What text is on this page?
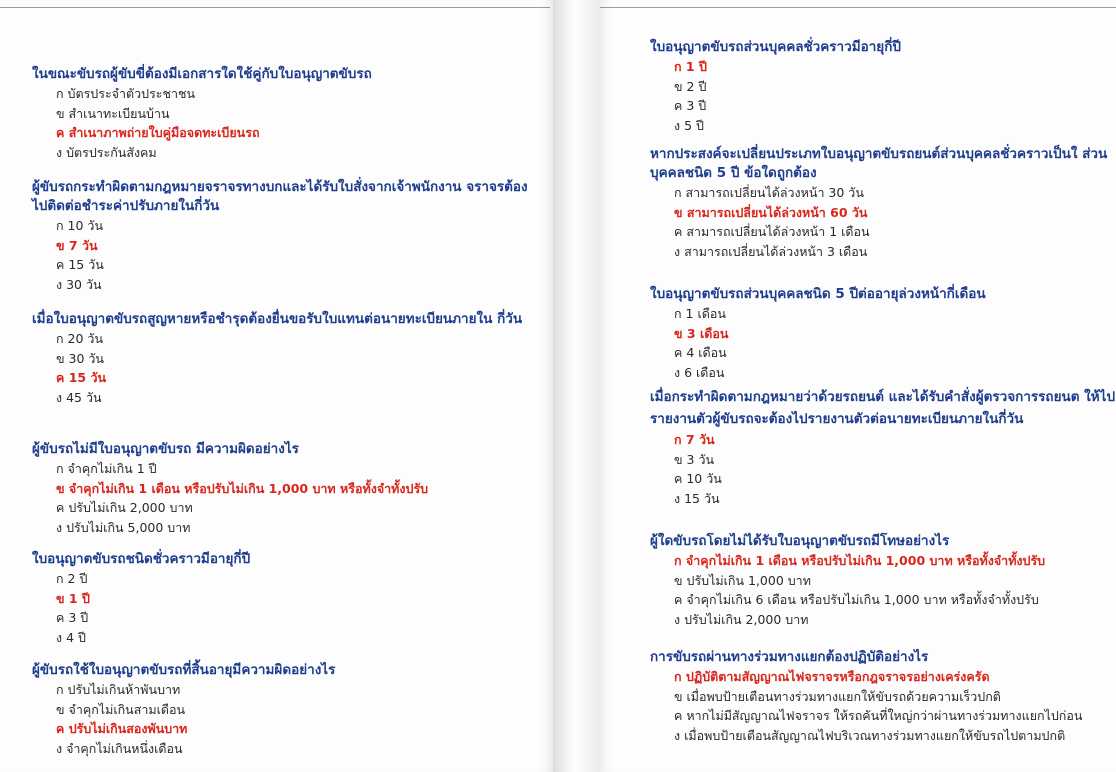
ในขณะขับรถผู้ขับขี่ต้องมีเอกสารใดใช้คู่กับใบอนุญาตขับรถ

ก บัตรประจำตัวประชาชน

ข สำเนาทะเบียนบ้าน

ค สำเนาภาพถ่ายใบคู่มือจดทะเบียนรถ

ง บัตรประกันสังคม

ผู้ขับรถกระทำผิดตามกฎหมายจราจรทางบกและได้รับใบสั่งจากเจ้าพนักงาน จราจรต้องไปติดต่อชำระค่าปรับภายในกี่วัน

ก 10 วัน

ข 7 วัน

ค 15 วัน

ง 30 วัน

เมื่อใบอนุญาตขับรถสูญหายหรือชำรุดต้องยื่นขอรับใบแทนต่อนายทะเบียนภายใน กี่วัน

ก 20 วัน

ข 30 วัน

ค 15 วัน

ง 45 วัน

ผู้ขับรถไม่มีใบอนุญาตขับรถ มีความผิดอย่างไร

ก จำคุกไม่เกิน 1 ปี

ข จำคุกไม่เกิน 1 เดือน หรือปรับไม่เกิน 1,000 บาท หรือทั้งจำทั้งปรับ

ค ปรับไม่เกิน 2,000 บาท

ง ปรับไม่เกิน 5,000 บาท

ใบอนุญาตขับรถชนิดชั่วคราวมีอายุกี่ปี

ก 2 ปี

ข 1 ปี

ค 3 ปี

ง 4 ปี

ผู้ขับรถใช้ใบอนุญาตขับรถที่สิ้นอายุมีความผิดอย่างไร

ก ปรับไม่เกินห้าพันบาท

ข จำคุกไม่เกินสามเดือน

ค ปรับไม่เกินสองพันบาท

ง จำคุกไม่เกินหนึ่งเดือน

ใบอนุญาตขับรถส่วนบุคคลชั่วคราวมีอายุกี่ปี

ก 1 ปี

ข 2 ปี

ค 3 ปี

ง 5 ปี

หากประสงค์จะเปลี่ยนประเภทใบอนุญาตขับรถยนต์ส่วนบุคคลชั่วคราวเป็นใ ส่วนบุคคลชนิด 5 ปี ข้อใดถูกต้อง

ก สามารถเปลี่ยนได้ล่วงหน้า 30 วัน

ข สามารถเปลี่ยนได้ล่วงหน้า 60 วัน

ค สามารถเปลี่ยนได้ล่วงหน้า 1 เดือน

ง สามารถเปลี่ยนได้ล่วงหน้า 3 เดือน

ใบอนุญาตขับรถส่วนบุคคลชนิด 5 ปีต่ออายุล่วงหน้ากี่เดือน

ก 1 เดือน

ข 3 เดือน

ค 4 เดือน

ง 6 เดือน

เมื่อกระทำผิดตามกฎหมายว่าด้วยรถยนต์ และได้รับคำสั่งผู้ตรวจการรถยนต ให้ไปรายงานตัวผู้ขับรถจะต้องไปรายงานตัวต่อนายทะเบียนภายในกี่วัน

ก 7 วัน

ข 3 วัน

ค 10 วัน

ง 15 วัน

ผู้ใดขับรถโดยไม่ได้รับใบอนุญาตขับรถมีโทษอย่างไร

ก จำคุกไม่เกิน 1 เดือน หรือปรับไม่เกิน 1,000 บาท หรือทั้งจำทั้งปรับ

ข ปรับไม่เกิน 1,000 บาท

ค จำคุกไม่เกิน 6 เดือน หรือปรับไม่เกิน 1,000 บาท หรือทั้งจำทั้งปรับ

ง ปรับไม่เกิน 2,000 บาท

การขับรถผ่านทางร่วมทางแยกต้องปฏิบัติอย่างไร

ก ปฏิบัติตามสัญญาณไฟจราจรหรือกฎจราจรอย่างเคร่งครัด

ข เมื่อพบป้ายเตือนทางร่วมทางแยกให้ขับรถด้วยความเร็วปกติ

ค หากไม่มีสัญญาณไฟจราจร ให้รถคันที่ใหญ่กว่าผ่านทางร่วมทางแยกไปก่อน

ง เมื่อพบป้ายเตือนสัญญาณไฟบริเวณทางร่วมทางแยกให้ขับรถไปตามปกติ
